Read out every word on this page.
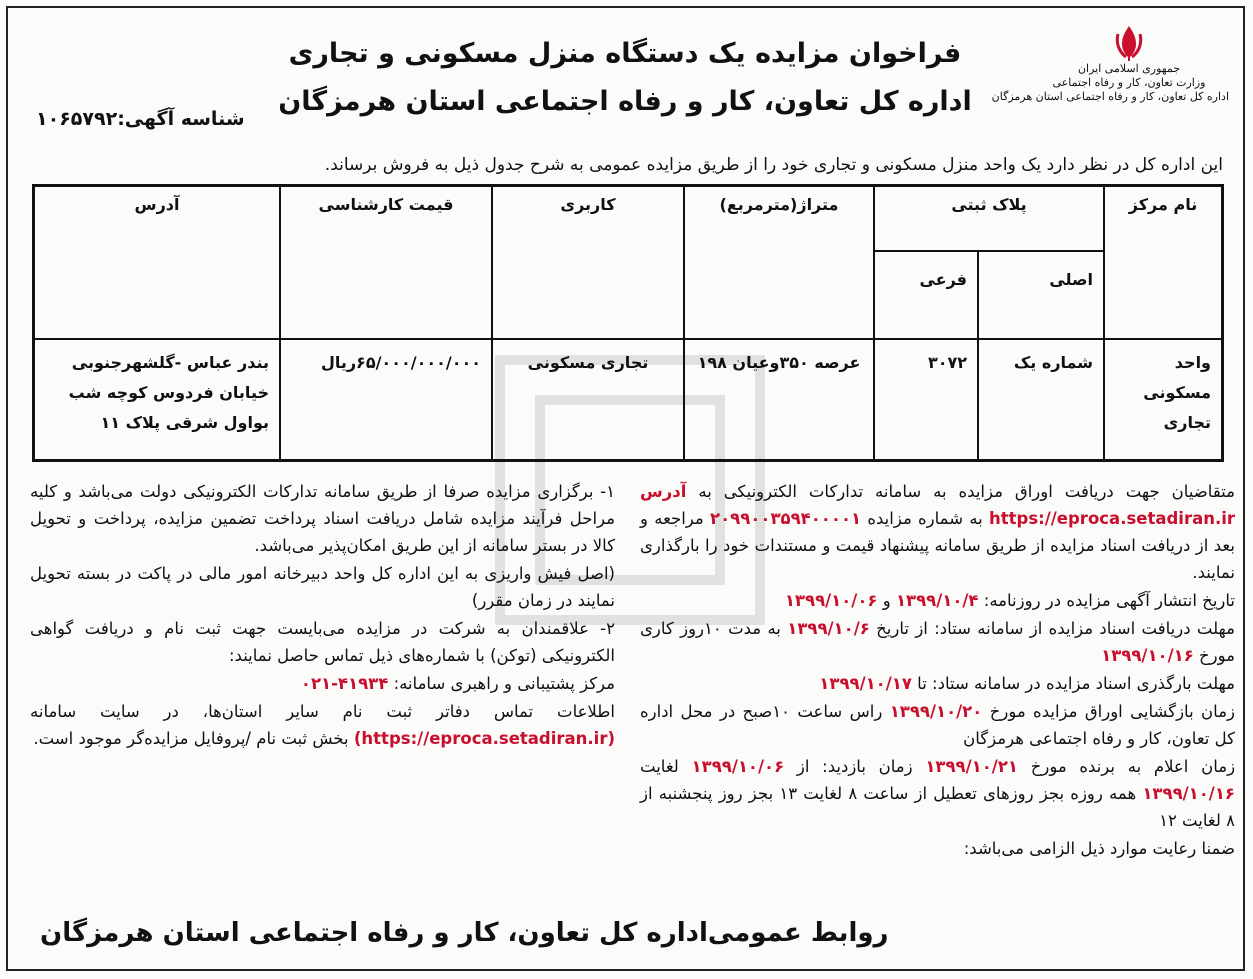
جمهوری اسلامی ایران
وزارت تعاون، کار و رفاه اجتماعی
اداره کل تعاون، کار و رفاه اجتماعی استان هرمزگان
فراخوان مزایده یک دستگاه منزل مسکونی و تجاری
اداره کل تعاون، کار و رفاه اجتماعی استان هرمزگان
شناسه آگهی:۱۰۶۵۷۹۲
این اداره کل در نظر دارد یک واحد منزل مسکونی و تجاری خود را از طریق مزایده عمومی به شرح جدول ذیل به فروش برساند.
نام مرکز	پلاک ثبتی		متراژ(مترمربع)	کاربری	قیمت کارشناسی	آدرس
	اصلی	فرعی				
واحد مسکونی تجاری	شماره یک	۳۰۷۲	عرصه ۳۵۰وعیان ۱۹۸	تجاری مسکونی	۶۵/۰۰۰/۰۰۰/۰۰۰ریال	بندر عباس -گلشهرجنوبی خیابان فردوس کوچه شب بواول شرقی پلاک ۱۱

متقاضیان جهت دریافت اوراق مزایده به سامانه تدارکات الکترونیکی به آدرس https://eproca.setadiran.ir به شماره مزایده ۲۰۹۹۰۰۳۵۹۴۰۰۰۰۱ مراجعه و بعد از دریافت اسناد مزایده از طریق سامانه پیشنهاد قیمت و مستندات خود را بارگذاری نمایند.

تاریخ انتشار آگهی مزایده در روزنامه: ۱۳۹۹/۱۰/۴ و ۱۳۹۹/۱۰/۰۶

مهلت دریافت اسناد مزایده از سامانه ستاد: از تاریخ ۱۳۹۹/۱۰/۶ به مدت ۱۰روز کاری مورخ ۱۳۹۹/۱۰/۱۶

مهلت بارگذری اسناد مزایده در سامانه ستاد: تا ۱۳۹۹/۱۰/۱۷

زمان بازگشایی اوراق مزایده مورخ ۱۳۹۹/۱۰/۲۰ راس ساعت ۱۰صبح در محل اداره کل تعاون، کار و رفاه اجتماعی هرمزگان

زمان اعلام به برنده مورخ ۱۳۹۹/۱۰/۲۱ زمان بازدید: از ۱۳۹۹/۱۰/۰۶ لغایت ۱۳۹۹/۱۰/۱۶ همه روزه بجز روزهای تعطیل از ساعت ۸ لغایت ۱۳ بجز روز پنجشنبه از ۸ لغایت ۱۲

ضمنا رعایت موارد ذیل الزامی می‌باشد:

۱- برگزاری مزایده صرفا از طریق سامانه تدارکات الکترونیکی دولت می‌باشد و کلیه مراحل فرآیند مزایده شامل دریافت اسناد پرداخت تضمین مزایده، پرداخت و تحویل کالا در بستر سامانه از این طریق امکان‌پذیر می‌باشد.

(اصل فیش واریزی به این اداره کل واحد دبیرخانه امور مالی در پاکت در بسته تحویل نمایند در زمان مقرر)

۲- علاقمندان به شرکت در مزایده می‌بایست جهت ثبت نام و دریافت گواهی الکترونیکی (توکن) با شماره‌های ذیل تماس حاصل نمایند:

مرکز پشتیبانی و راهبری سامانه: ۴۱۹۳۴-۰۲۱

اطلاعات تماس دفاتر ثبت نام سایر استان‌ها، در سایت سامانه (https://eproca.setadiran.ir) بخش ثبت نام /پروفایل مزایده‌گر موجود است.

روابط عمومی‌اداره کل تعاون، کار و رفاه اجتماعی استان هرمزگان
